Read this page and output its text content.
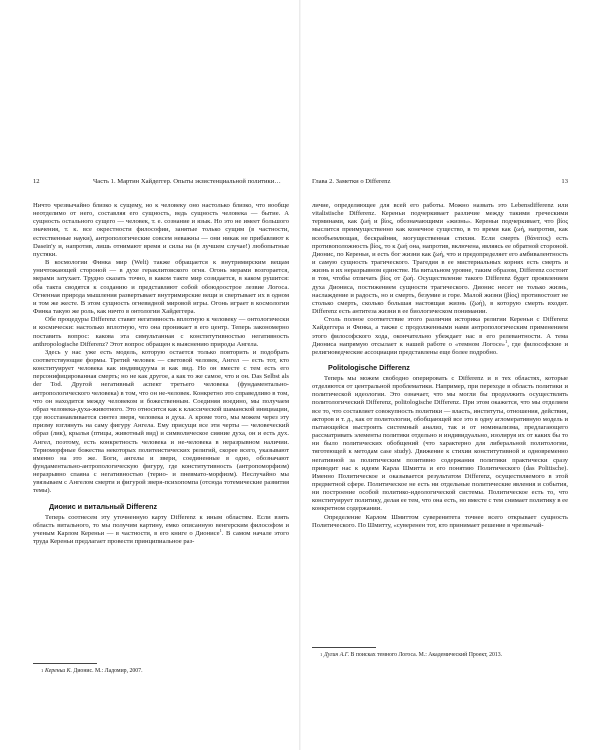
12	Часть 1. Мартин Хайдеггер. Опыты экзистенциальной политики…

Ничто чрезвычайно близко к сущему, но к человеку оно настолько близко, что вообще неотделимо от него, составляя его сущность, ведь сущность человека — бытие. А сущность остального сущего — человек, т. е. сознание и язык. Но это не имеет большого значения, т. к. все окрестности философии, занятые только сущим (в частности, естественные науки), антропологические совсем неважны — они никак не прибавляют к Dasein'у и, напротив, лишь отнимают время и силы на (в лучшем случае!) любопытные пустяки.

В космологии Финка мир (Welt) также обращается к внутримирским вещам уничтожающей стороной — в духе гераклитовского огня. Огонь мерами возгорается, мерами затухает. Трудно сказать точно, в каком такте мир созидается, в каком рушится: оба такта сводятся к созданию и представляют собой обоюдоострое лезвие Логоса. Огненная природа мышления развертывает внутримирские вещи и свертывает их в одном и том же жесте. В этом сущность огневидной мировой игры. Огонь играет в космологии Финка такую же роль, как ничто в онтологии Хайдеггера.

Обе процедуры Differenz ставят негативность вплотную к человеку — онтологически и космически: настолько вплотную, что она проникает в его центр. Теперь закономерно поставить вопрос: какова эта симультанная с конститутивностью негативность anthropologische Differenz? Этот вопрос обращен к выяснению природы Ангела.

Здесь у нас уже есть модель, которую остается только повторить и подобрать соответствующие формы. Третий человек — световой человек, Ангел — есть тот, кто конституирует человека как индивидуума и как вид. Но он вместе с тем есть его персонифицированная смерть; но не как другое, а как то же самое, что и он. Das Selbst als der Tod. Другой негативный аспект третьего человека (фундаментально-антропологического человека) в том, что он не-человек. Конкретно это справедливо в том, что он находится между человеком и божественным. Соединяя воедино, мы получаем образ человека-духа-животного. Это относится как к классической шаманской инициации, где восстанавливается синтез зверя, человека и духа. А кроме того, мы можем через эту призму взглянуть на саму фигуру Ангела. Ему присущи все эти черты — человеческий образ (лик), крылья (птицы, животный вид) и символическое сияние духа, он и есть дух. Ангел, поэтому, есть конкретность человека и не-человека в неразрывном наличии. Териоморфные божества некоторых политеистических религий, скорее всего, указывают именно на это же. Боги, ангелы и звери, соединенные в одно, обозначают фундаментально-антропологическую фигуру, где конститутивность (антропоморфизм) неразрывно спаяна с негативностью (терио- и пневмато-морфизм). Неслучайно мы увязываем с Ангелом смерти и фигурой зверя-психопомпа (отсюда тотемические развития темы).

Дионис и витальный Differenz

Теперь соотнесем эту уточненную карту Differenz к иным областям. Если взять область витального, то мы получим картину, емко описанную венгерским философом и ученым Карлом Кереньи — в частности, в его книге о Дионисе$^1$. В самом начале этого труда Кереньи предлагает провести принципиальное раз-

1 Кереньи К. Дионис. М.: Ладомир, 2007.
Глава 2. Заметки о Differenz	13

личие, определяющее для всей его работы. Можно назвать это Lebensdifferenz или vitalistische Differenz. Кереньи подчеркивает различие между такими греческими терминами, как ζωή и βίος, обозначающими «жизнь». Кереньи подчеркивает, что βίος мыслится преимущественно как конечное существо, в то время как ζωή, напротив, как всеобъемлющая, бескрайняя, могущественная стихия. Если смерть (θάνατος) есть противоположность βίος, то к ζωή она, напротив, включена, являясь ее обратной стороной. Дионис, по Кереньи, и есть бог жизни как ζωή, что и предопределяет его амбивалентность и самую сущность трагического. Трагедия в ее мистериальных корнях есть смерть и жизнь в их неразрывном единстве. На витальном уровне, таким образом, Differenz состоит в том, чтобы отличать βίος от ζωή. Осуществление такого Differenz будет проявлением духа Диониса, постижением сущности трагического. Дионис несет не только жизнь, наслаждение и радость, но и смерть, безумие и горе. Малой жизни (βίος) противостоит не столько смерть, сколько большая настоящая жизнь (ζωή), в которую смерть входит. Differenz есть антитеза жизни в ее биологическом понимании.

Столь полное соответствие этого различия историка религии Кереньи с Differenz Хайдеггера и Финка, а также с продолженными нами антропологическим применением этого философского хода, окончательно убеждает нас в его релевантности. А тема Диониса напрямую отсылает к нашей работе о «темном Логосе»$^1$, где философские и религиоведческие ассоциации представлены еще более подробно.

Politologische Differenz

Теперь мы можем свободно оперировать с Differenz и в тех областях, которые отделяются от центральной проблематики. Например, при переходе в область политики и политической идеологии. Это означает, что мы могли бы продолжить осуществлять политологический Differenz, politologische Differenz. При этом окажется, что мы отделяем все то, что составляет совокупность политики — власть, институты, отношения, действия, акторов и т. д., как от политологии, обобщающей все это в одну агломеративную модель и пытающейся выстроить системный анализ, так и от номинализма, предлагающего рассматривать элементы политики отдельно и индивидуально, изолируя их от каких бы то ни было политических обобщений (что характерно для либеральной политологии, тяготеющей к методам case study). Движение к стихии конститутивной и одновременно негативной за политическим позитивно содержания политики практически сразу приводит нас к идеям Карла Шмитта и его понятию Политического (das Politische). Именно Политическое и оказывается результатом Differenz, осуществляемого в этой предметной сфере. Политическое не есть ни отдельные политические явления и события, ни построение особой политико-идеологической системы. Политическое есть то, что конституирует политику, делая ее тем, что она есть, но вместе с тем снимает политику в ее конкретном содержании.

Определение Карлом Шмиттом суверенитета точнее всего открывает сущность Политического. По Шмитту, «суверенен тот, кто принимает решение в чрезвычай-

1 Дугин А.Г. В поисках темного Логоса. М.: Академический Проект, 2013.
